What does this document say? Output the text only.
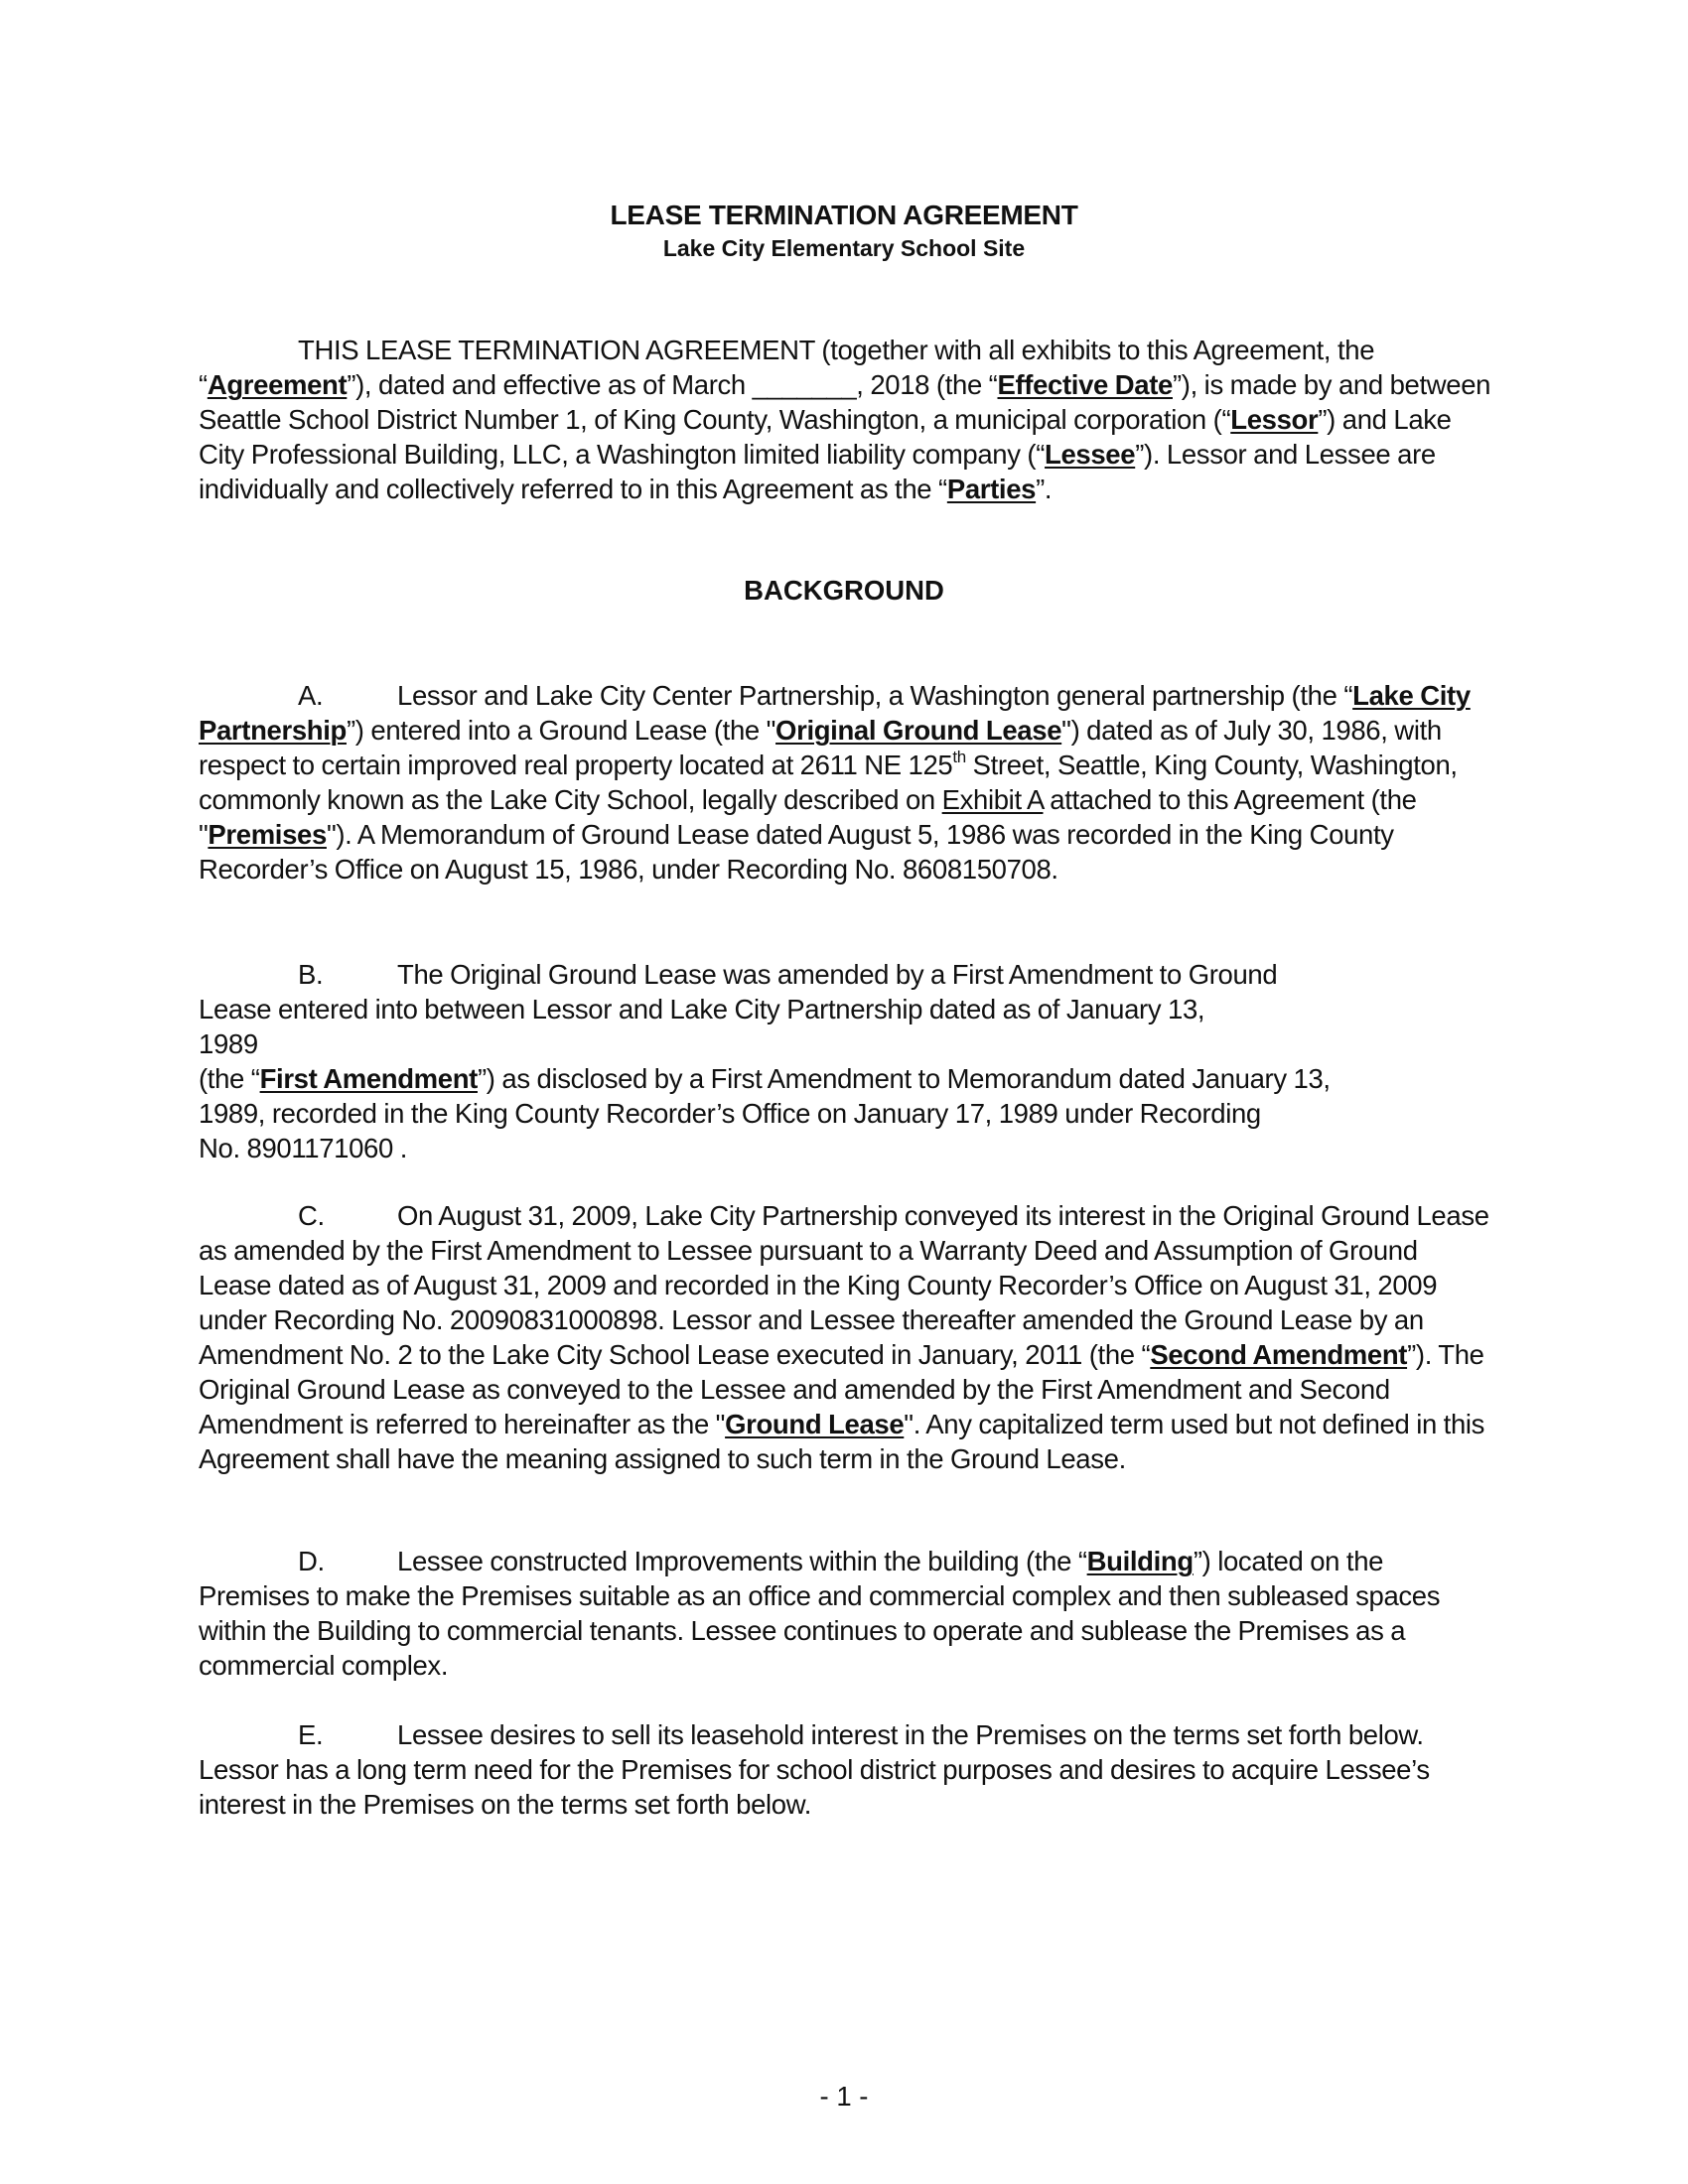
LEASE TERMINATION AGREEMENT
Lake City Elementary School Site
THIS LEASE TERMINATION AGREEMENT (together with all exhibits to this Agreement, the “Agreement”), dated and effective as of March _______, 2018 (the “Effective Date”), is made by and between Seattle School District Number 1, of King County, Washington, a municipal corporation (“Lessor”) and Lake City Professional Building, LLC, a Washington limited liability company (“Lessee”). Lessor and Lessee are individually and collectively referred to in this Agreement as the “Parties”.
BACKGROUND
A.	Lessor and Lake City Center Partnership, a Washington general partnership (the “Lake City Partnership”) entered into a Ground Lease (the "Original Ground Lease") dated as of July 30, 1986, with respect to certain improved real property located at 2611 NE 125th Street, Seattle, King County, Washington, commonly known as the Lake City School, legally described on Exhibit A attached to this Agreement (the "Premises"). A Memorandum of Ground Lease dated August 5, 1986 was recorded in the King County Recorder’s Office on August 15, 1986, under Recording No. 8608150708.
B.	The Original Ground Lease was amended by a First Amendment to Ground
Lease entered into between Lessor and Lake City Partnership dated as of January 13,
1989
(the “First Amendment”) as disclosed by a First Amendment to Memorandum dated January 13,
1989, recorded in the King County Recorder’s Office on January 17, 1989 under Recording
No. 8901171060 .
C.	On August 31, 2009, Lake City Partnership conveyed its interest in the Original Ground Lease as amended by the First Amendment to Lessee pursuant to a Warranty Deed and Assumption of Ground Lease dated as of August 31, 2009 and recorded in the King County Recorder’s Office on August 31, 2009 under Recording No. 20090831000898. Lessor and Lessee thereafter amended the Ground Lease by an Amendment No. 2 to the Lake City School Lease executed in January, 2011 (the “Second Amendment”). The Original Ground Lease as conveyed to the Lessee and amended by the First Amendment and Second Amendment is referred to hereinafter as the "Ground Lease". Any capitalized term used but not defined in this Agreement shall have the meaning assigned to such term in the Ground Lease.
D.	Lessee constructed Improvements within the building (the “Building”) located on the Premises to make the Premises suitable as an office and commercial complex and then subleased spaces within the Building to commercial tenants. Lessee continues to operate and sublease the Premises as a commercial complex.
E.	Lessee desires to sell its leasehold interest in the Premises on the terms set forth below. Lessor has a long term need for the Premises for school district purposes and desires to acquire Lessee’s interest in the Premises on the terms set forth below.
- 1 -
